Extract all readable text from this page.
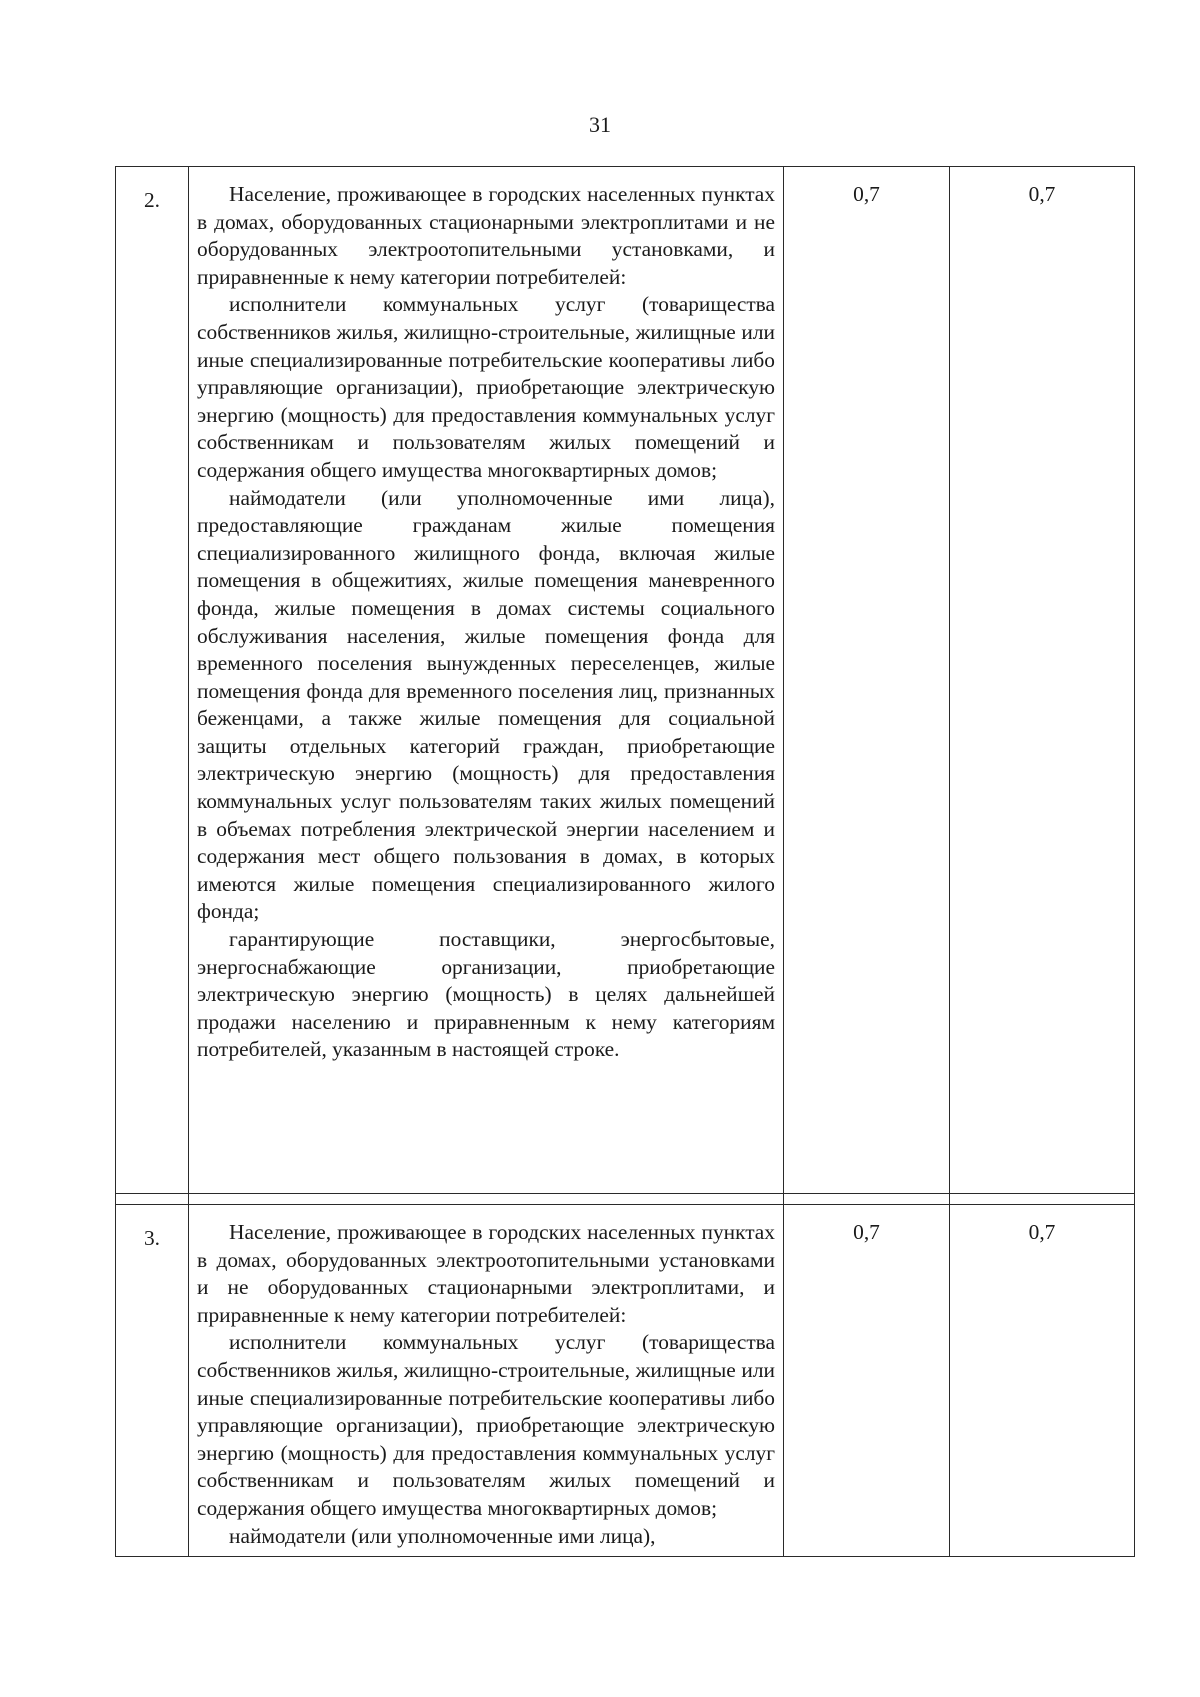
31
2.	Население, проживающее в городских населенных пунктах в домах, оборудованных стационарными электроплитами и не оборудованных электроотопительными установками, и приравненные к нему категории потребителей:

исполнители коммунальных услуг (товарищества собственников жилья, жилищно-строительные, жилищные или иные специализированные потребительские кооперативы либо управляющие организации), приобретающие электрическую энергию (мощность) для предоставления коммунальных услуг собственникам и пользователям жилых помещений и содержания общего имущества многоквартирных домов;

наймодатели (или уполномоченные ими лица), предоставляющие гражданам жилые помещения специализированного жилищного фонда, включая жилые помещения в общежитиях, жилые помещения маневренного фонда, жилые помещения в домах системы социального обслуживания населения, жилые помещения фонда для временного поселения вынужденных переселенцев, жилые помещения фонда для временного поселения лиц, признанных беженцами, а также жилые помещения для социальной защиты отдельных категорий граждан, приобретающие электрическую энергию (мощность) для предоставления коммунальных услуг пользователям таких жилых помещений в объемах потребления электрической энергии населением и содержания мест общего пользования в домах, в которых имеются жилые помещения специализированного жилого фонда;

гарантирующие поставщики, энергосбытовые, энергоснабжающие организации, приобретающие электрическую энергию (мощность) в целях дальнейшей продажи населению и приравненным к нему категориям потребителей, указанным в настоящей строке.	0,7	0,7

3.	Население, проживающее в городских населенных пунктах в домах, оборудованных электроотопительными установками и не оборудованных стационарными электроплитами, и приравненные к нему категории потребителей:

исполнители коммунальных услуг (товарищества собственников жилья, жилищно-строительные, жилищные или иные специализированные потребительские кооперативы либо управляющие организации), приобретающие электрическую энергию (мощность) для предоставления коммунальных услуг собственникам и пользователям жилых помещений и содержания общего имущества многоквартирных домов;

наймодатели (или уполномоченные ими лица),	0,7	0,7
